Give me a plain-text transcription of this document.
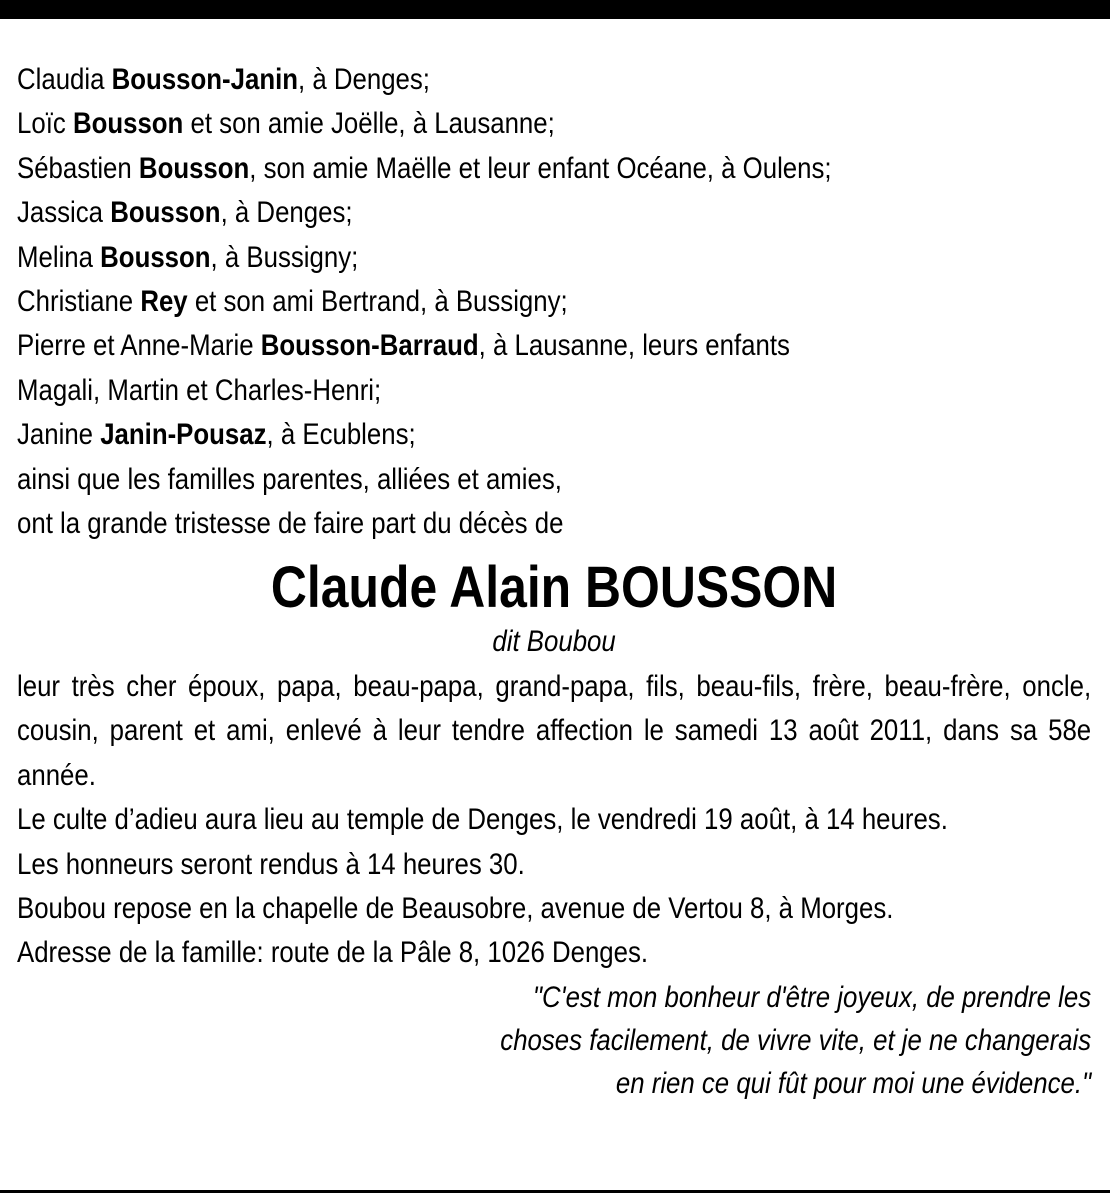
Claudia Bousson-Janin, à Denges;

Loïc Bousson et son amie Joëlle, à Lausanne;

Sébastien Bousson, son amie Maëlle et leur enfant Océane, à Oulens;

Jassica Bousson, à Denges;

Melina Bousson, à Bussigny;

Christiane Rey et son ami Bertrand, à Bussigny;

Pierre et Anne-Marie Bousson-Barraud, à Lausanne, leurs enfants

Magali, Martin et Charles-Henri;

Janine Janin-Pousaz, à Ecublens;

ainsi que les familles parentes, alliées et amies,

ont la grande tristesse de faire part du décès de

Claude Alain BOUSSON

dit Boubou

leur très cher époux, papa, beau-papa, grand-papa, fils, beau-fils, frère, beau-frère, oncle, cousin, parent et ami, enlevé à leur tendre affection le samedi 13 août 2011, dans sa 58e année.

Le culte d’adieu aura lieu au temple de Denges, le vendredi 19 août, à 14 heures.

Les honneurs seront rendus à 14 heures 30.

Boubou repose en la chapelle de Beausobre, avenue de Vertou 8, à Morges.

Adresse de la famille: route de la Pâle 8, 1026 Denges.

"C'est mon bonheur d'être joyeux, de prendre les
choses facilement, de vivre vite, et je ne changerais
en rien ce qui fût pour moi une évidence."
